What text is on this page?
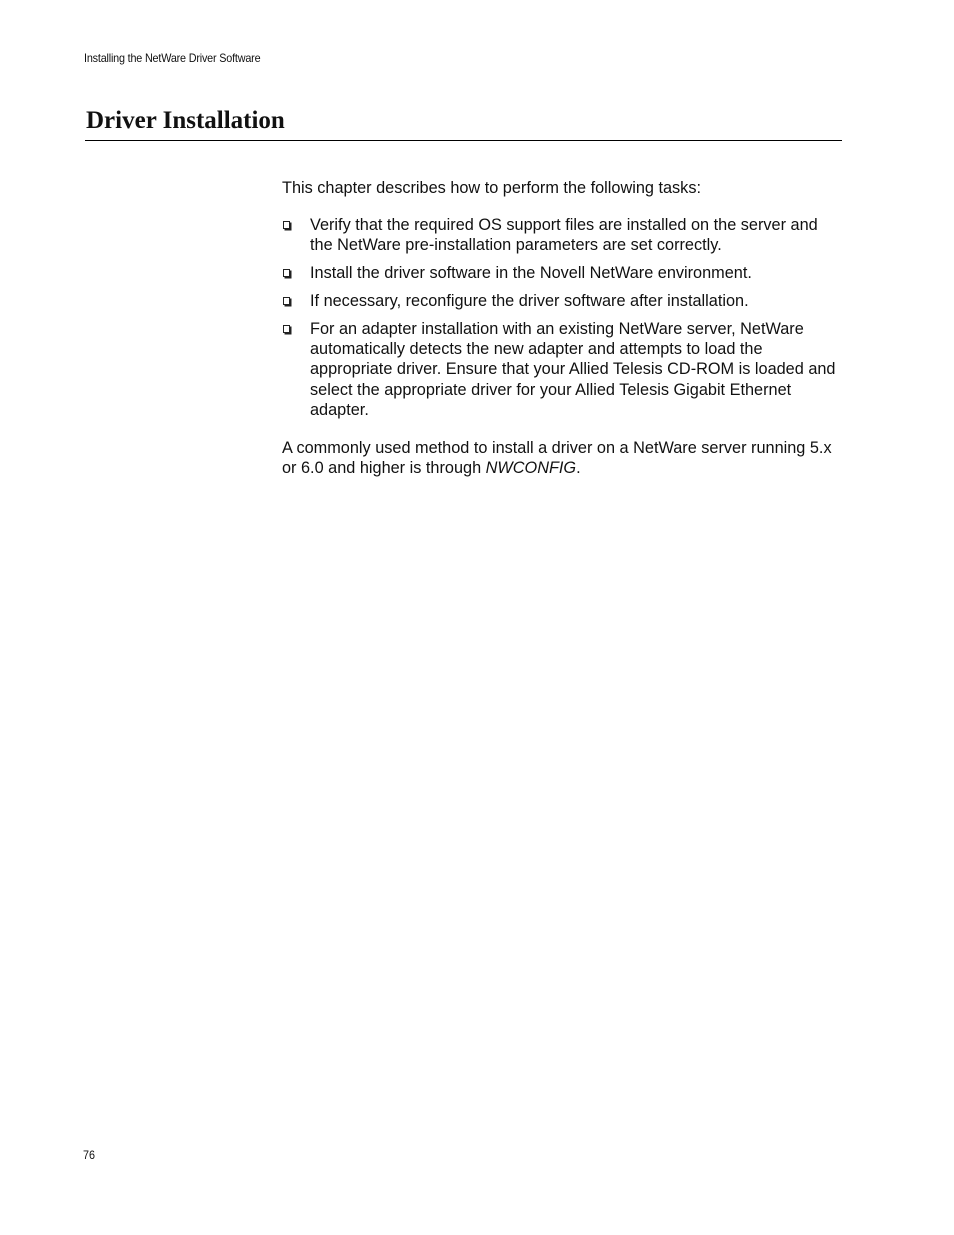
Installing the NetWare Driver Software
Driver Installation

This chapter describes how to perform the following tasks:

Verify that the required OS support files are installed on the server and the NetWare pre-installation parameters are set correctly.
Install the driver software in the Novell NetWare environment.
If necessary, reconfigure the driver software after installation.
For an adapter installation with an existing NetWare server, NetWare automatically detects the new adapter and attempts to load the appropriate driver. Ensure that your Allied Telesis CD-ROM is loaded and select the appropriate driver for your Allied Telesis Gigabit Ethernet adapter.

A commonly used method to install a driver on a NetWare server running 5.x or 6.0 and higher is through NWCONFIG.

76
